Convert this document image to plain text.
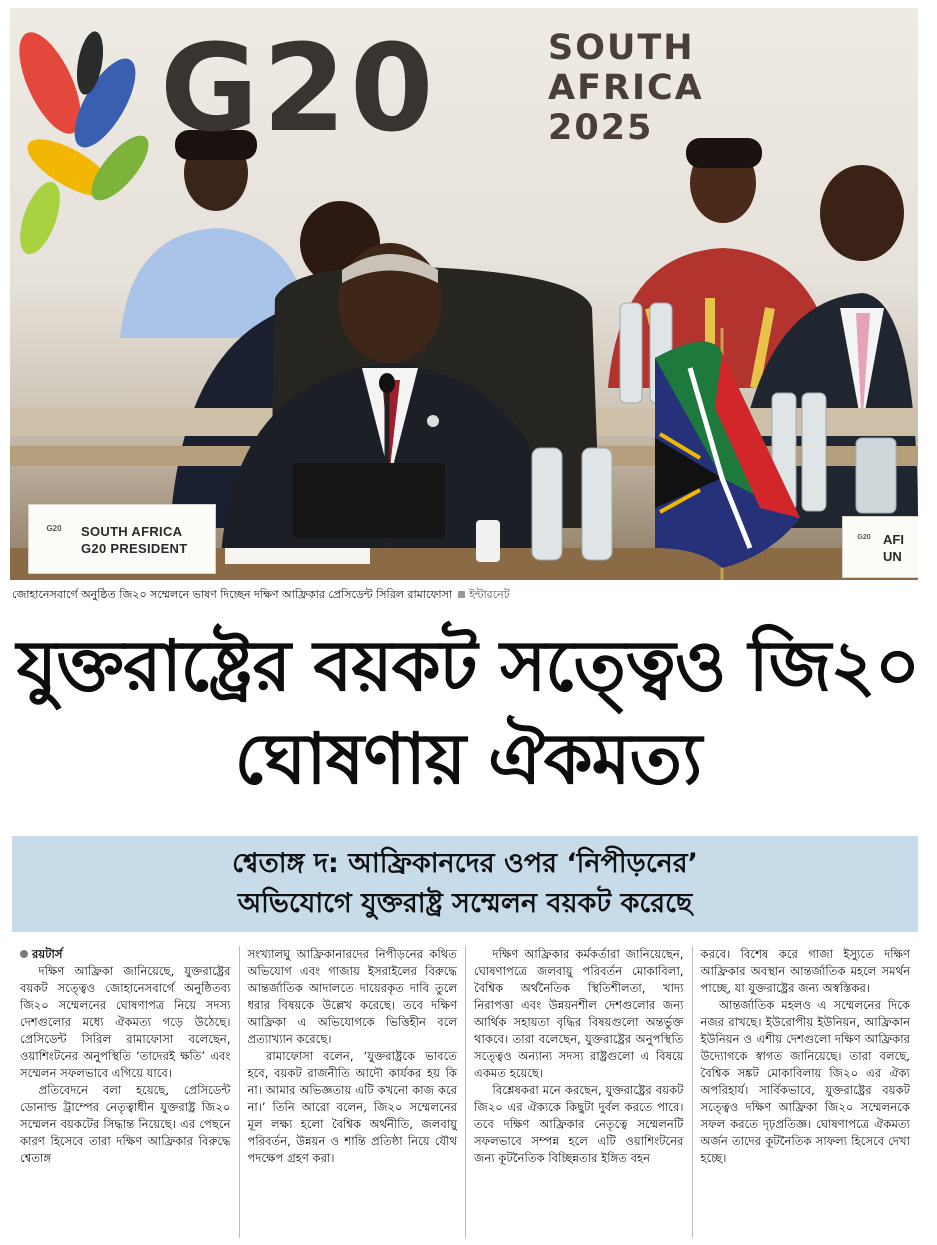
G20	SOUTH
AFRICA
2025
G20	SOUTH AFRICA
G20 PRESIDENT
G20 AFI
UN
জোহানেসবার্গে অনুষ্ঠিত জি২০ সম্মেলনে ভাষণ দিচ্ছেন দক্ষিণ আফ্রিকার প্রেসিডেন্ট সিরিল রামাফোসা ইন্টারনেট
যুক্তরাষ্ট্রের বয়কট সত্ত্বেও জি২০
ঘোষণায় ঐকমত্য
শ্বেতাঙ্গ দ: আফ্রিকানদের ওপর ‘নিপীড়নের’
অভিযোগে যুক্তরাষ্ট্র সম্মেলন বয়কট করেছে
রয়টার্স

দক্ষিণ আফ্রিকা জানিয়েছে, যুক্তরাষ্ট্রের বয়কট সত্ত্বেও জোহানেসবার্গে অনুষ্ঠিতব্য জি২০ সম্মেলনের ঘোষণাপত্র নিয়ে সদস্য দেশগুলোর মধ্যে ঐকমত্য গড়ে উঠেছে। প্রেসিডেন্ট সিরিল রামাফোসা বলেছেন, ওয়াশিংটনের অনুপস্থিতি ‘তাদেরই ক্ষতি’ এবং সম্মেলন সফলভাবে এগিয়ে যাবে।

প্রতিবেদনে বলা হয়েছে, প্রেসিডেন্ট ডোনাল্ড ট্রাম্পের নেতৃত্বাধীন যুক্তরাষ্ট্র জি২০ সম্মেলন বয়কটের সিদ্ধান্ত নিয়েছে। এর পেছনে কারণ হিসেবে তারা দক্ষিণ আফ্রিকার বিরুদ্ধে শ্বেতাঙ্গ

সংখ্যালঘু আফ্রিকানারদের নিপীড়নের কথিত অভিযোগ এবং গাজায় ইসরাইলের বিরুদ্ধে আন্তর্জাতিক আদালতে দায়েরকৃত দাবি তুলে ধরার বিষয়কে উল্লেখ করেছে। তবে দক্ষিণ আফ্রিকা এ অভিযোগকে ভিত্তিহীন বলে প্রত্যাখ্যান করেছে।

রামাফোসা বলেন, ‘যুক্তরাষ্ট্রকে ভাবতে হবে, বয়কট রাজনীতি আদৌ কার্যকর হয় কি না। আমার অভিজ্ঞতায় এটি কখনো কাজ করে না।’ তিনি আরো বলেন, জি২০ সম্মেলনের মূল লক্ষ্য হলো বৈশ্বিক অর্থনীতি, জলবায়ু পরিবর্তন, উন্নয়ন ও শান্তি প্রতিষ্ঠা নিয়ে যৌথ পদক্ষেপ গ্রহণ করা।

দক্ষিণ আফ্রিকার কর্মকর্তারা জানিয়েছেন, ঘোষণাপত্রে জলবায়ু পরিবর্তন মোকাবিলা, বৈশ্বিক অর্থনৈতিক স্থিতিশীলতা, খাদ্য নিরাপত্তা এবং উন্নয়নশীল দেশগুলোর জন্য আর্থিক সহায়তা বৃদ্ধির বিষয়গুলো অন্তর্ভুক্ত থাকবে। তারা বলেছেন, যুক্তরাষ্ট্রের অনুপস্থিতি সত্ত্বেও অন্যান্য সদস্য রাষ্ট্রগুলো এ বিষয়ে একমত হয়েছে।

বিশ্লেষকরা মনে করছেন, যুক্তরাষ্ট্রের বয়কট জি২০ এর ঐক্যকে কিছুটা দুর্বল করতে পারে। তবে দক্ষিণ আফ্রিকার নেতৃত্বে সম্মেলনটি সফলভাবে সম্পন্ন হলে এটি ওয়াশিংটনের জন্য কূটনৈতিক বিচ্ছিন্নতার ইঙ্গিত বহন

করবে। বিশেষ করে গাজা ইস্যুতে দক্ষিণ আফ্রিকার অবস্থান আন্তর্জাতিক মহলে সমর্থন পাচ্ছে, যা যুক্তরাষ্ট্রের জন্য অস্বস্তিকর।

আন্তর্জাতিক মহলও এ সম্মেলনের দিকে নজর রাখছে। ইউরোপীয় ইউনিয়ন, আফ্রিকান ইউনিয়ন ও এশীয় দেশগুলো দক্ষিণ আফ্রিকার উদ্যোগকে স্বাগত জানিয়েছে। তারা বলছে, বৈশ্বিক সঙ্কট মোকাবিলায় জি২০ এর ঐক্য অপরিহার্য। সার্বিকভাবে, যুক্তরাষ্ট্রের বয়কট সত্ত্বেও দক্ষিণ আফ্রিকা জি২০ সম্মেলনকে সফল করতে দৃঢ়প্রতিজ্ঞ। ঘোষণাপত্রে ঐকমত্য অর্জন তাদের কূটনৈতিক সাফল্য হিসেবে দেখা হচ্ছে।
